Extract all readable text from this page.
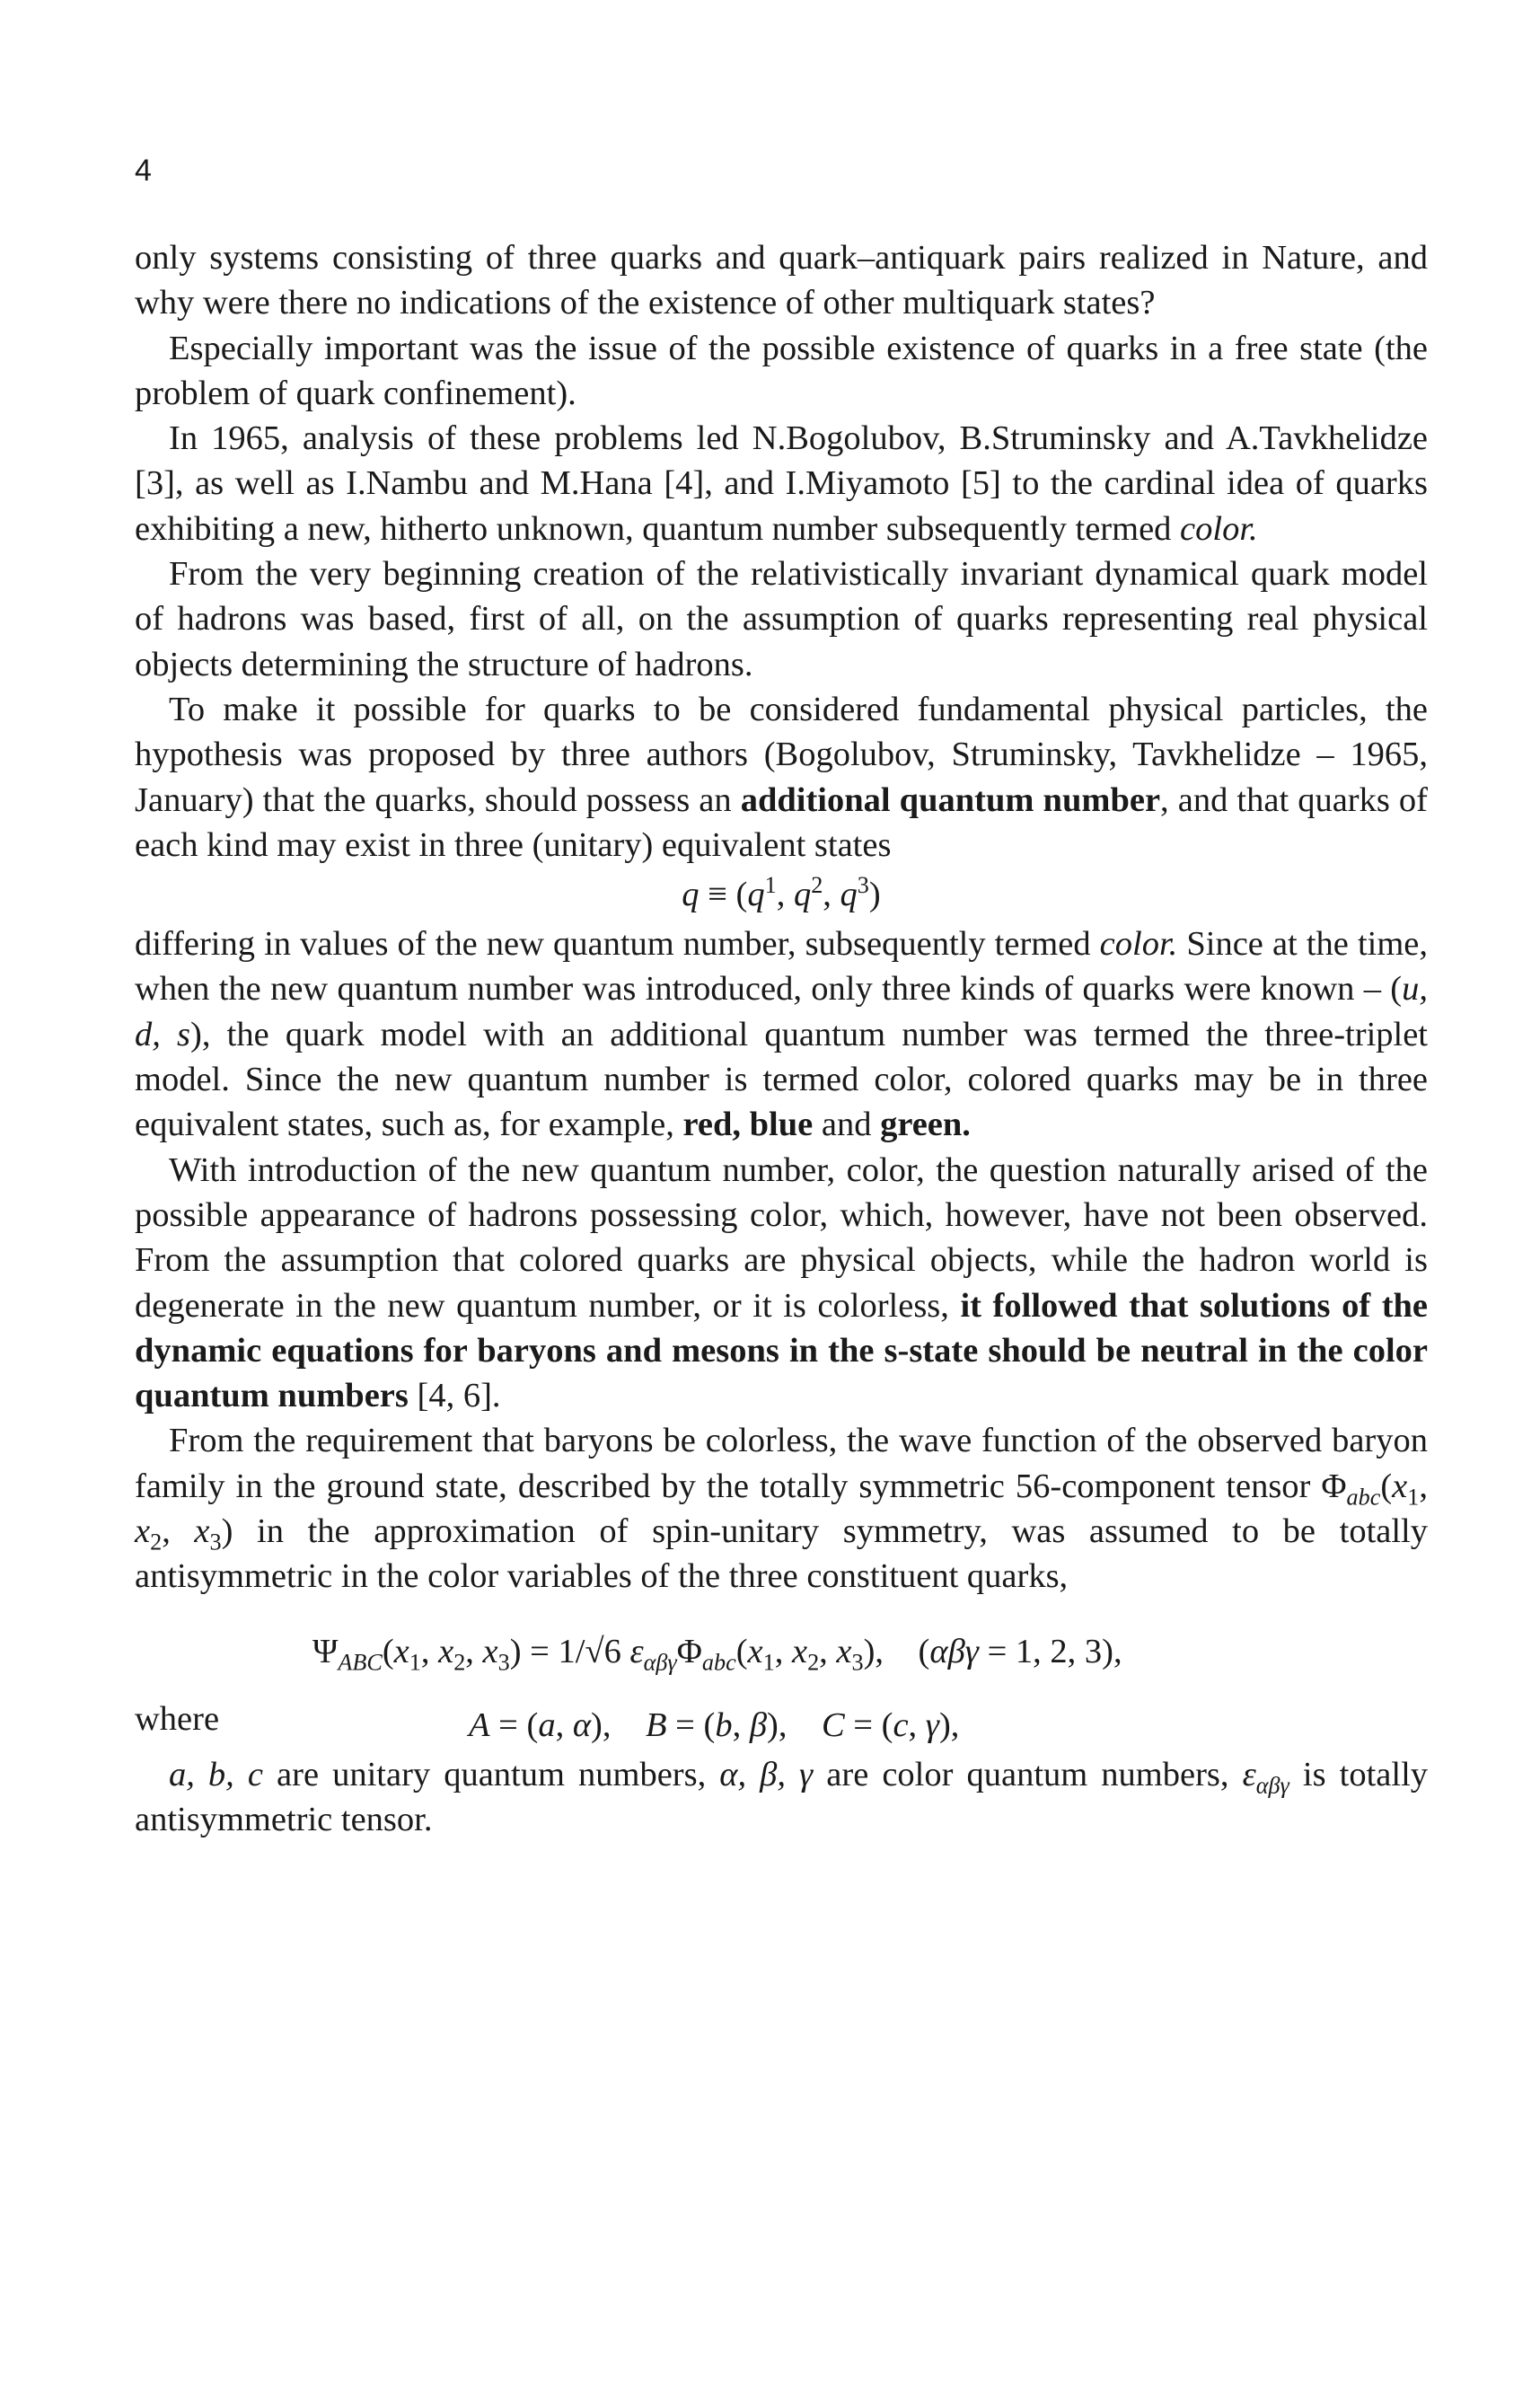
4

only systems consisting of three quarks and quark–antiquark pairs realized in Nature, and why were there no indications of the existence of other multiquark states?

Especially important was the issue of the possible existence of quarks in a free state (the problem of quark confinement).

In 1965, analysis of these problems led N.Bogolubov, B.Struminsky and A.Tavkhelidze [3], as well as I.Nambu and M.Hana [4], and I.Miyamoto [5] to the cardinal idea of quarks exhibiting a new, hitherto unknown, quantum number subsequently termed color.

From the very beginning creation of the relativistically invariant dynamical quark model of hadrons was based, first of all, on the assumption of quarks representing real physical objects determining the structure of hadrons.

To make it possible for quarks to be considered fundamental physical particles, the hypothesis was proposed by three authors (Bogolubov, Struminsky, Tavkhelidze – 1965, January) that the quarks, should possess an additional quantum number, and that quarks of each kind may exist in three (unitary) equivalent states

$q \equiv (q^1$, $q^2$, $q^3$)

differing in values of the new quantum number, subsequently termed color. Since at the time, when the new quantum number was introduced, only three kinds of quarks were known – (u, d, s), the quark model with an additional quantum number was termed the three-triplet model. Since the new quantum number is termed color, colored quarks may be in three equivalent states, such as, for example, red, blue and green.

With introduction of the new quantum number, color, the question naturally arised of the possible appearance of hadrons possessing color, which, however, have not been observed. From the assumption that colored quarks are physical objects, while the hadron world is degenerate in the new quantum number, or it is colorless, it followed that solutions of the dynamic equations for baryons and mesons in the s-state should be neutral in the color quantum numbers [4, 6].

From the requirement that baryons be colorless, the wave function of the observed baryon family in the ground state, described by the totally symmetric 56-component tensor $\Phi_{abc}(x_1$, $x_2$, $x_3$) in the approximation of spin-unitary symmetry, was assumed to be totally antisymmetric in the color variables of the three constituent quarks,

$\Psi_{ABC}(x_1$, $x_2$, $x_3) = 1/√6$ $\varepsilon_{\alpha\beta\gamma}\Phi_{abc}(x_1$, $x_2$, $x_3$),    (αβγ = 1, 2, 3),
where	A = (a, α),    B = (b, β),    C = (c, γ),

a, b, c are unitary quantum numbers, α, β, γ are color quantum numbers, $\varepsilon_{\alpha\beta\gamma}$ is totally antisymmetric tensor.
